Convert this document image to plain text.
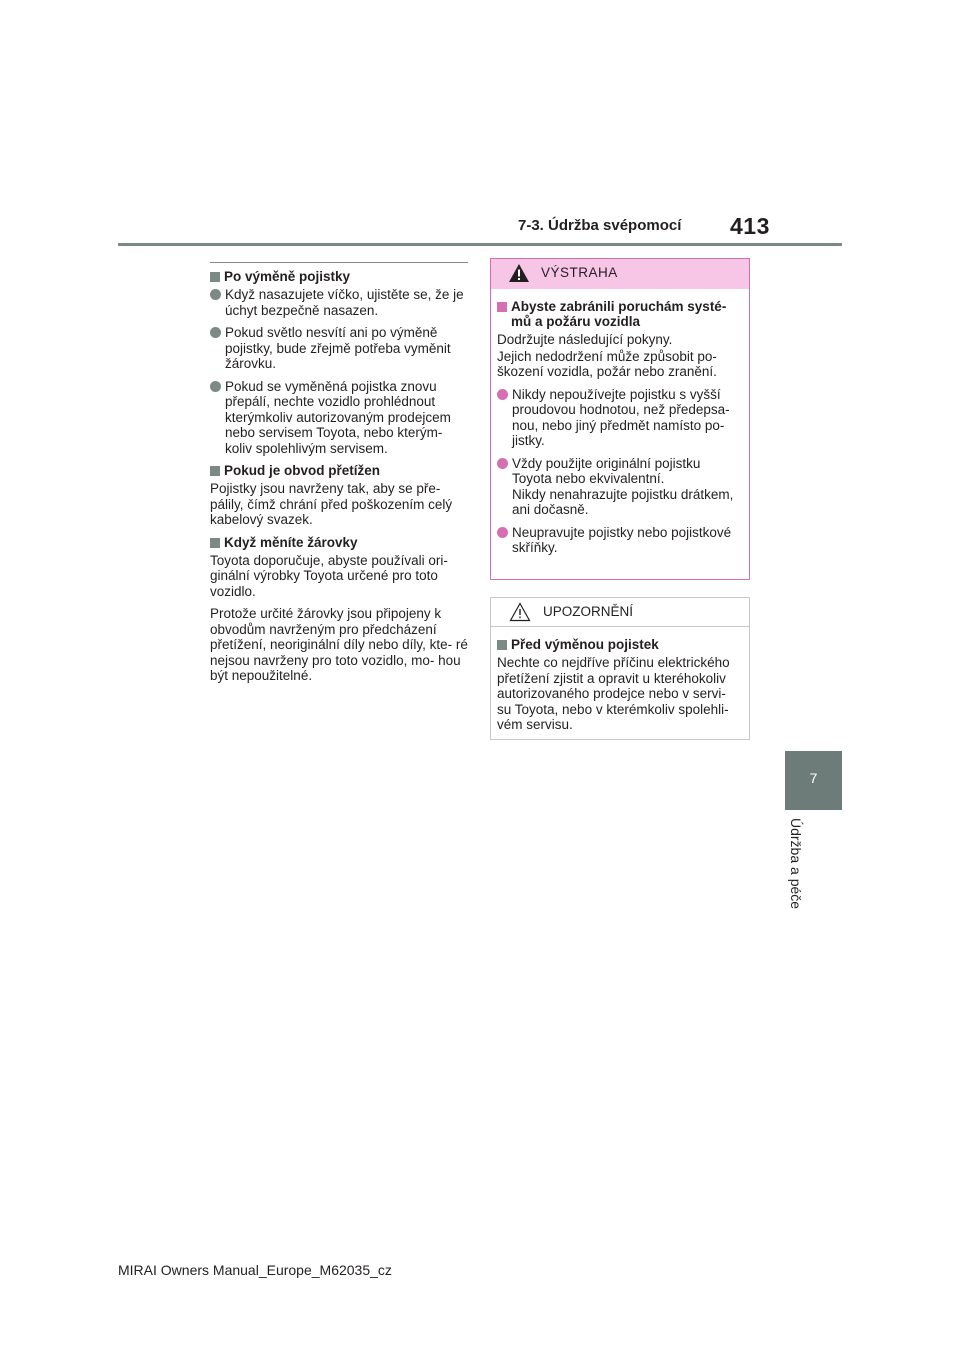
7-3. Údržba svépomocí 413
7
Údržba a péče
Po výměně pojistky
Když nasazujete víčko, ujistěte se, že je úchyt bezpečně nasazen.
Pokud světlo nesvítí ani po výměně pojistky, bude zřejmě potřeba vyměnit žárovku.
Pokud se vyměněná pojistka znovu přepálí, nechte vozidlo prohlédnout kterýmkoliv autorizovaným prodejcem nebo servisem Toyota, nebo kterým- koliv spolehlivým servisem.
Pokud je obvod přetížen
Pojistky jsou navrženy tak, aby se pře- pálily, čímž chrání před poškozením celý kabelový svazek.
Když měníte žárovky
Toyota doporučuje, abyste používali ori- ginální výrobky Toyota určené pro toto vozidlo.
Protože určité žárovky jsou připojeny k obvodům navrženým pro předcházení přetížení, neoriginální díly nebo díly, kte- ré nejsou navrženy pro toto vozidlo, mo- hou být nepoužitelné.
VÝSTRAHA
Abyste zabránili poruchám systé- mů a požáru vozidla
Dodržujte následující pokyny.
Jejich nedodržení může způsobit po- škození vozidla, požár nebo zranění.
Nikdy nepoužívejte pojistku s vyšší proudovou hodnotou, než předepsa- nou, nebo jiný předmět namísto po- jistky.
Vždy použijte originální pojistku Toyota nebo ekvivalentní.
Nikdy nenahrazujte pojistku drátkem, ani dočasně.
Neupravujte pojistky nebo pojistkové skříňky.
UPOZORNĚNÍ
Před výměnou pojistek
Nechte co nejdříve příčinu elektrického přetížení zjistit a opravit u kteréhokoliv autorizovaného prodejce nebo v servi- su Toyota, nebo v kterémkoliv spolehli- vém servisu.
MIRAI Owners Manual_Europe_M62035_cz
